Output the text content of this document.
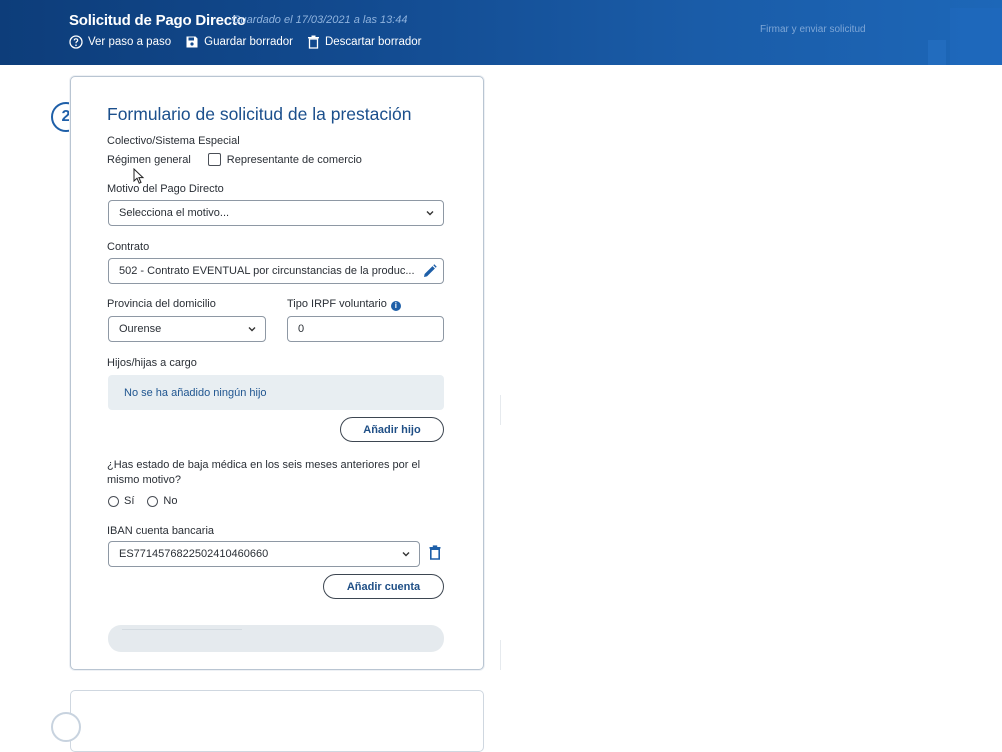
Solicitud de Pago Directo
Guardado el 17/03/2021 a las 13:44
Ver paso a paso	Guardar borrador	Descartar borrador
Firmar y enviar solicitud
2	Formulario de solicitud de la prestación
Colectivo/Sistema Especial
Régimen general	Representante de comercio
Motivo del Pago Directo
Selecciona el motivo...
Contrato
502 - Contrato EVENTUAL por circunstancias de la produc...
Provincia del domicilio
Ourense
Tipo IRPF voluntario i
0
Hijos/hijas a cargo
No se ha añadido ningún hijo
Añadir hijo
¿Has estado de baja médica en los seis meses anteriores por el mismo motivo?
Sí	No
IBAN cuenta bancaria
ES7714576822502410460660
Añadir cuenta
